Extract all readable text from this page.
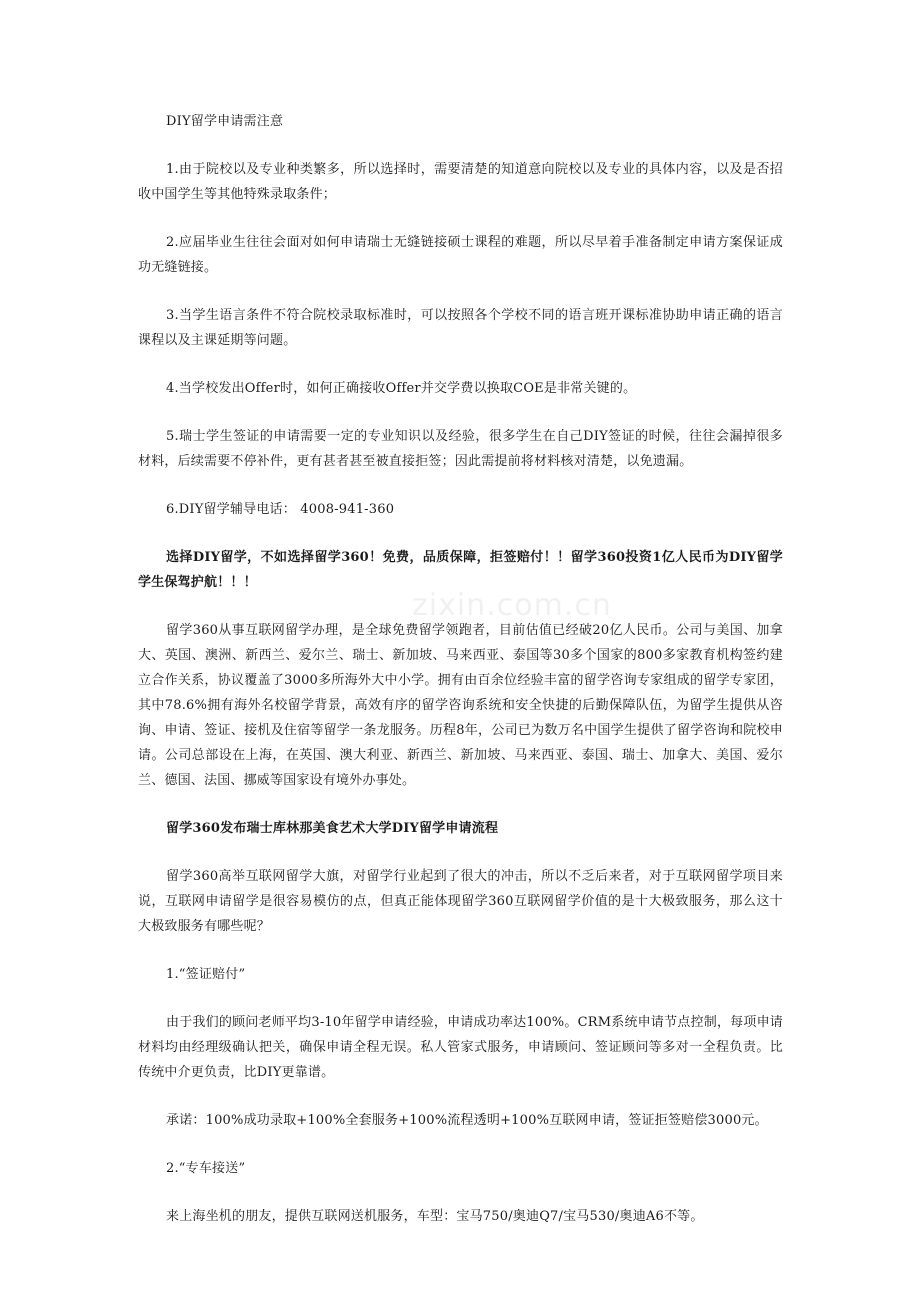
DIY留学申请需注意

1.由于院校以及专业种类繁多，所以选择时，需要清楚的知道意向院校以及专业的具体内容，以及是否招收中国学生等其他特殊录取条件；

2.应届毕业生往往会面对如何申请瑞士无缝链接硕士课程的难题，所以尽早着手准备制定申请方案保证成功无缝链接。

3.当学生语言条件不符合院校录取标准时，可以按照各个学校不同的语言班开课标准协助申请正确的语言课程以及主课延期等问题。

4.当学校发出Offer时，如何正确接收Offer并交学费以换取COE是非常关键的。

5.瑞士学生签证的申请需要一定的专业知识以及经验，很多学生在自己DIY签证的时候，往往会漏掉很多材料，后续需要不停补件，更有甚者甚至被直接拒签；因此需提前将材料核对清楚，以免遗漏。

6.DIY留学辅导电话： 4008-941-360

选择DIY留学，不如选择留学360！免费，品质保障，拒签赔付！！留学360投资1亿人民币为DIY留学学生保驾护航！！！

留学360从事互联网留学办理，是全球免费留学领跑者，目前估值已经破20亿人民币。公司与美国、加拿大、英国、澳洲、新西兰、爱尔兰、瑞士、新加坡、马来西亚、泰国等30多个国家的800多家教育机构签约建立合作关系，协议覆盖了3000多所海外大中小学。拥有由百余位经验丰富的留学咨询专家组成的留学专家团，其中78.6%拥有海外名校留学背景，高效有序的留学咨询系统和安全快捷的后勤保障队伍，为留学生提供从咨询、申请、签证、接机及住宿等留学一条龙服务。历程8年，公司已为数万名中国学生提供了留学咨询和院校申请。公司总部设在上海，在英国、澳大利亚、新西兰、新加坡、马来西亚、泰国、瑞士、加拿大、美国、爱尔兰、德国、法国、挪威等国家设有境外办事处。

留学360发布瑞士库林那美食艺术大学DIY留学申请流程

留学360高举互联网留学大旗，对留学行业起到了很大的冲击，所以不乏后来者，对于互联网留学项目来说，互联网申请留学是很容易模仿的点，但真正能体现留学360互联网留学价值的是十大极致服务，那么这十大极致服务有哪些呢？

1.“签证赔付”

由于我们的顾问老师平均3-10年留学申请经验，申请成功率达100%。CRM系统申请节点控制，每项申请材料均由经理级确认把关，确保申请全程无误。私人管家式服务，申请顾问、签证顾问等多对一全程负责。比传统中介更负责，比DIY更靠谱。

承诺：100%成功录取+100%全套服务+100%流程透明+100%互联网申请，签证拒签赔偿3000元。

2.“专车接送”

来上海坐机的朋友，提供互联网送机服务，车型：宝马750/奥迪Q7/宝马530/奥迪A6不等。

zixin.com.cn
